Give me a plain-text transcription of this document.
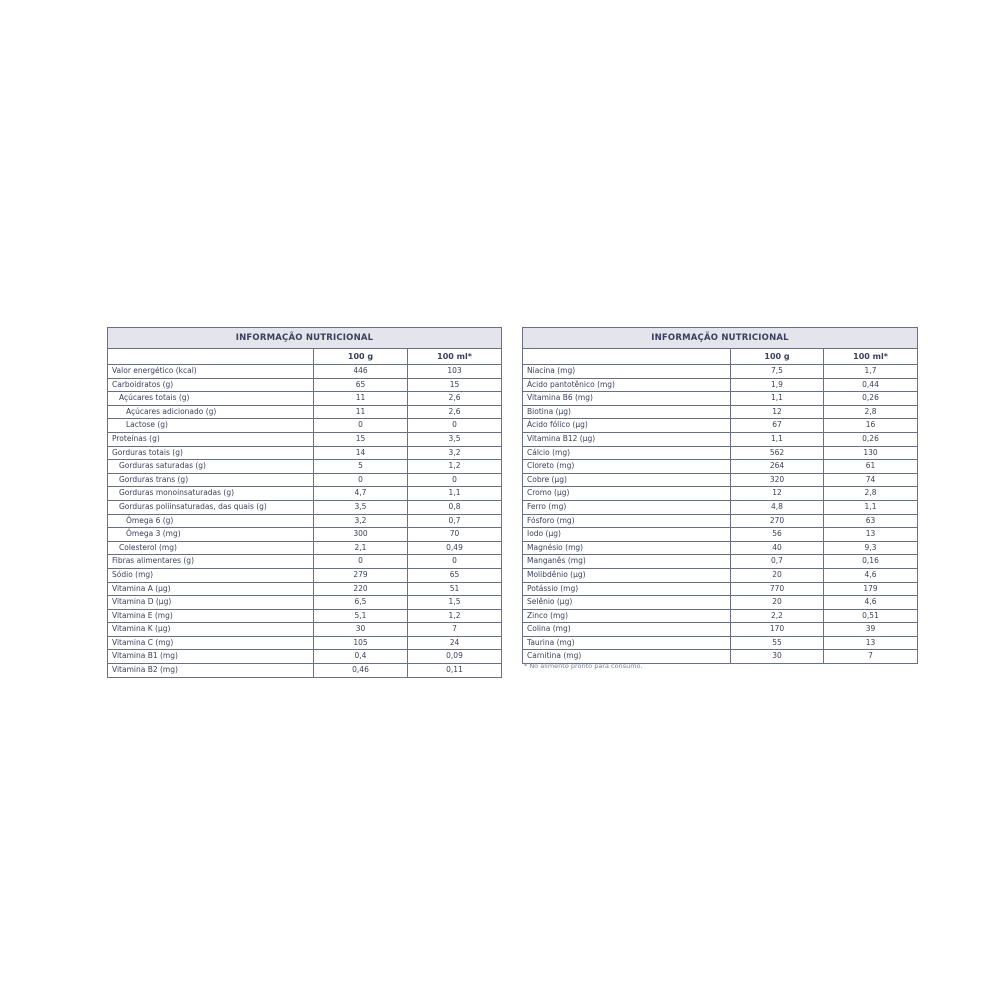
INFORMAÇÃO NUTRICIONAL		
	100 g	100 ml*
Valor energético (kcal)	446	103
Carboidratos (g)	65	15
Açúcares totais (g)	11	2,6
Açúcares adicionado (g)	11	2,6
Lactose (g)	0	0
Proteínas (g)	15	3,5
Gorduras totais (g)	14	3,2
Gorduras saturadas (g)	5	1,2
Gorduras trans (g)	0	0
Gorduras monoinsaturadas (g)	4,7	1,1
Gorduras poliinsaturadas, das quais (g)	3,5	0,8
Ômega 6 (g)	3,2	0,7
Ômega 3 (mg)	300	70
Colesterol (mg)	2,1	0,49
Fibras alimentares (g)	0	0
Sódio (mg)	279	65
Vitamina A (µg)	220	51
Vitamina D (µg)	6,5	1,5
Vitamina E (mg)	5,1	1,2
Vitamina K (µg)	30	7
Vitamina C (mg)	105	24
Vitamina B1 (mg)	0,4	0,09
Vitamina B2 (mg)	0,46	0,11
INFORMAÇÃO NUTRICIONAL		
	100 g	100 ml*
Niacina (mg)	7,5	1,7
Ácido pantotênico (mg)	1,9	0,44
Vitamina B6 (mg)	1,1	0,26
Biotina (µg)	12	2,8
Ácido fólico (µg)	67	16
Vitamina B12 (µg)	1,1	0,26
Cálcio (mg)	562	130
Cloreto (mg)	264	61
Cobre (µg)	320	74
Cromo (µg)	12	2,8
Ferro (mg)	4,8	1,1
Fósforo (mg)	270	63
Iodo (µg)	56	13
Magnésio (mg)	40	9,3
Manganês (mg)	0,7	0,16
Molibdênio (µg)	20	4,6
Potássio (mg)	770	179
Selênio (µg)	20	4,6
Zinco (mg)	2,2	0,51
Colina (mg)	170	39
Taurina (mg)	55	13
Carnitina (mg)	30	7
* No alimento pronto para consumo.
